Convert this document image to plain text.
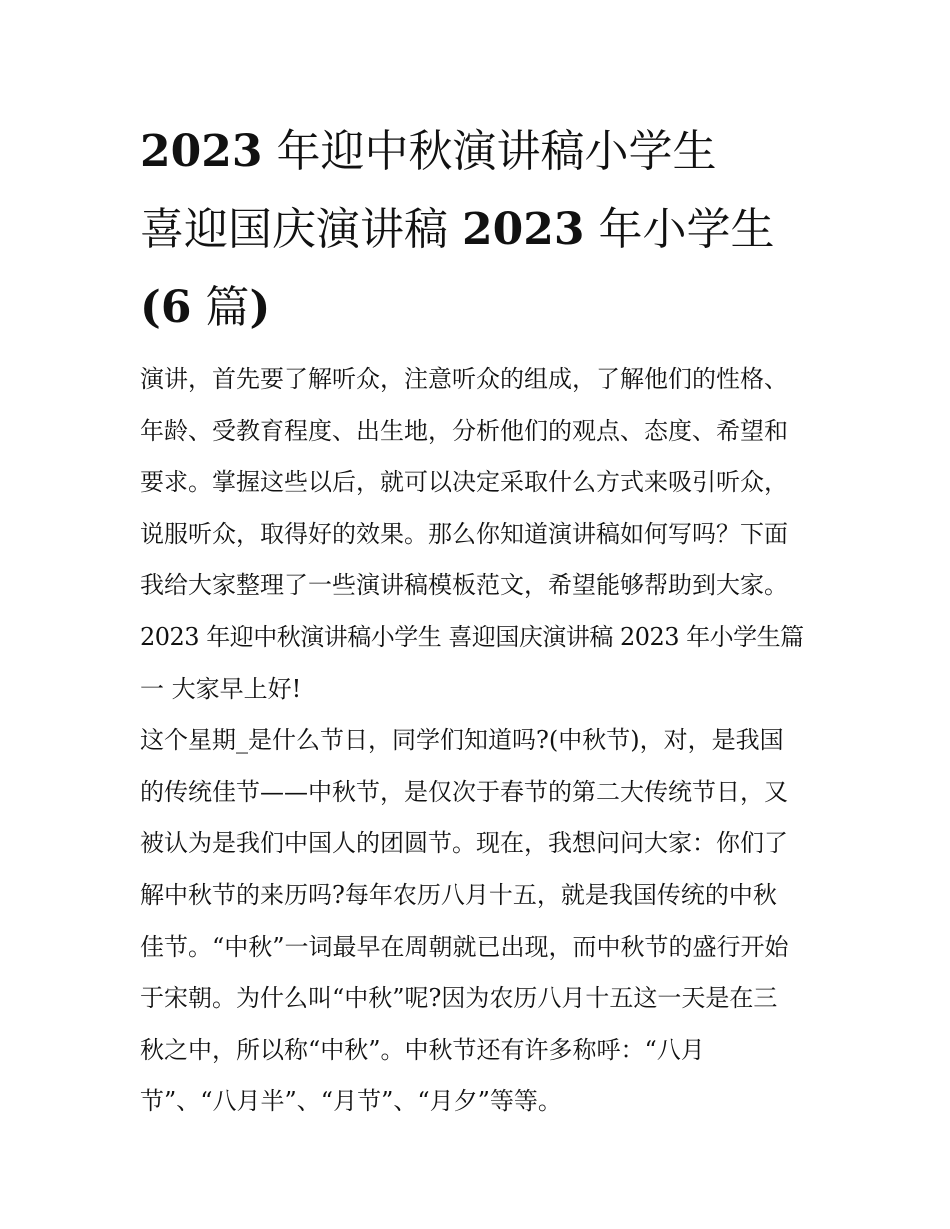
2023 年迎中秋演讲稿小学生
喜迎国庆演讲稿 2023 年小学生
(6 篇)
演讲，首先要了解听众，注意听众的组成，了解他们的性格、
年龄、受教育程度、出生地，分析他们的观点、态度、希望和
要求。掌握这些以后，就可以决定采取什么方式来吸引听众，
说服听众，取得好的效果。那么你知道演讲稿如何写吗？下面
我给大家整理了一些演讲稿模板范文，希望能够帮助到大家。
2023 年迎中秋演讲稿小学生 喜迎国庆演讲稿 2023 年小学生篇
一 大家早上好!
这个星期_是什么节日，同学们知道吗?(中秋节)，对，是我国
的传统佳节——中秋节，是仅次于春节的第二大传统节日，又
被认为是我们中国人的团圆节。现在，我想问问大家：你们了
解中秋节的来历吗?每年农历八月十五，就是我国传统的中秋
佳节。“中秋”一词最早在周朝就已出现，而中秋节的盛行开始
于宋朝。为什么叫“中秋”呢?因为农历八月十五这一天是在三
秋之中，所以称“中秋”。中秋节还有许多称呼：“八月
节”、“八月半”、“月节”、“月夕”等等。
